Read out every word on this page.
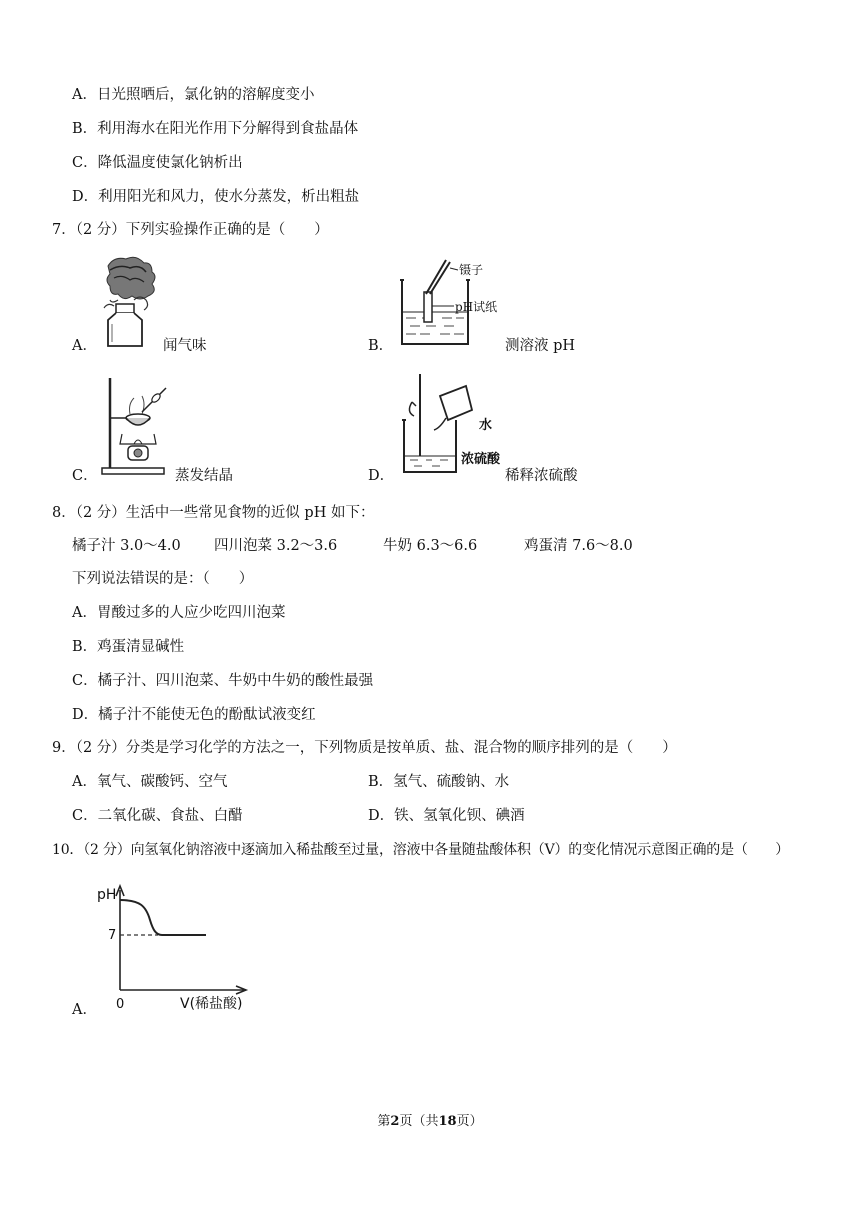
A．日光照晒后，氯化钠的溶解度变小
B．利用海水在阳光作用下分解得到食盐晶体
C．降低温度使氯化钠析出
D．利用阳光和风力，使水分蒸发，析出粗盐
7．（2 分）下列实验操作正确的是（　　）
A．	闻气味
镊子
pH试纸
B．	测溶液 pH
C．	蒸发结晶
水
浓硫酸
D．	稀释浓硫酸
8．（2 分）生活中一些常见食物的近似 pH 如下：
橘子汁 3.0～4.0 四川泡菜 3.2～3.6	牛奶 6.3～6.6	鸡蛋清 7.6～8.0
下列说法错误的是：（　　）
A．胃酸过多的人应少吃四川泡菜
B．鸡蛋清显碱性
C．橘子汁、四川泡菜、牛奶中牛奶的酸性最强
D．橘子汁不能使无色的酚酞试液变红
9．（2 分）分类是学习化学的方法之一，下列物质是按单质、盐、混合物的顺序排列的是（　　）
A．氧气、碳酸钙、空气	B．氢气、硫酸钠、水
C．二氧化碳、食盐、白醋	D．铁、氢氧化钡、碘酒
10．（2 分）向氢氧化钠溶液中逐滴加入稀盐酸至过量，溶液中各量随盐酸体积（V）的变化情况示意图正确的是（　　）
pH
7
0	V(稀盐酸)
A．
第2页（共18页）
